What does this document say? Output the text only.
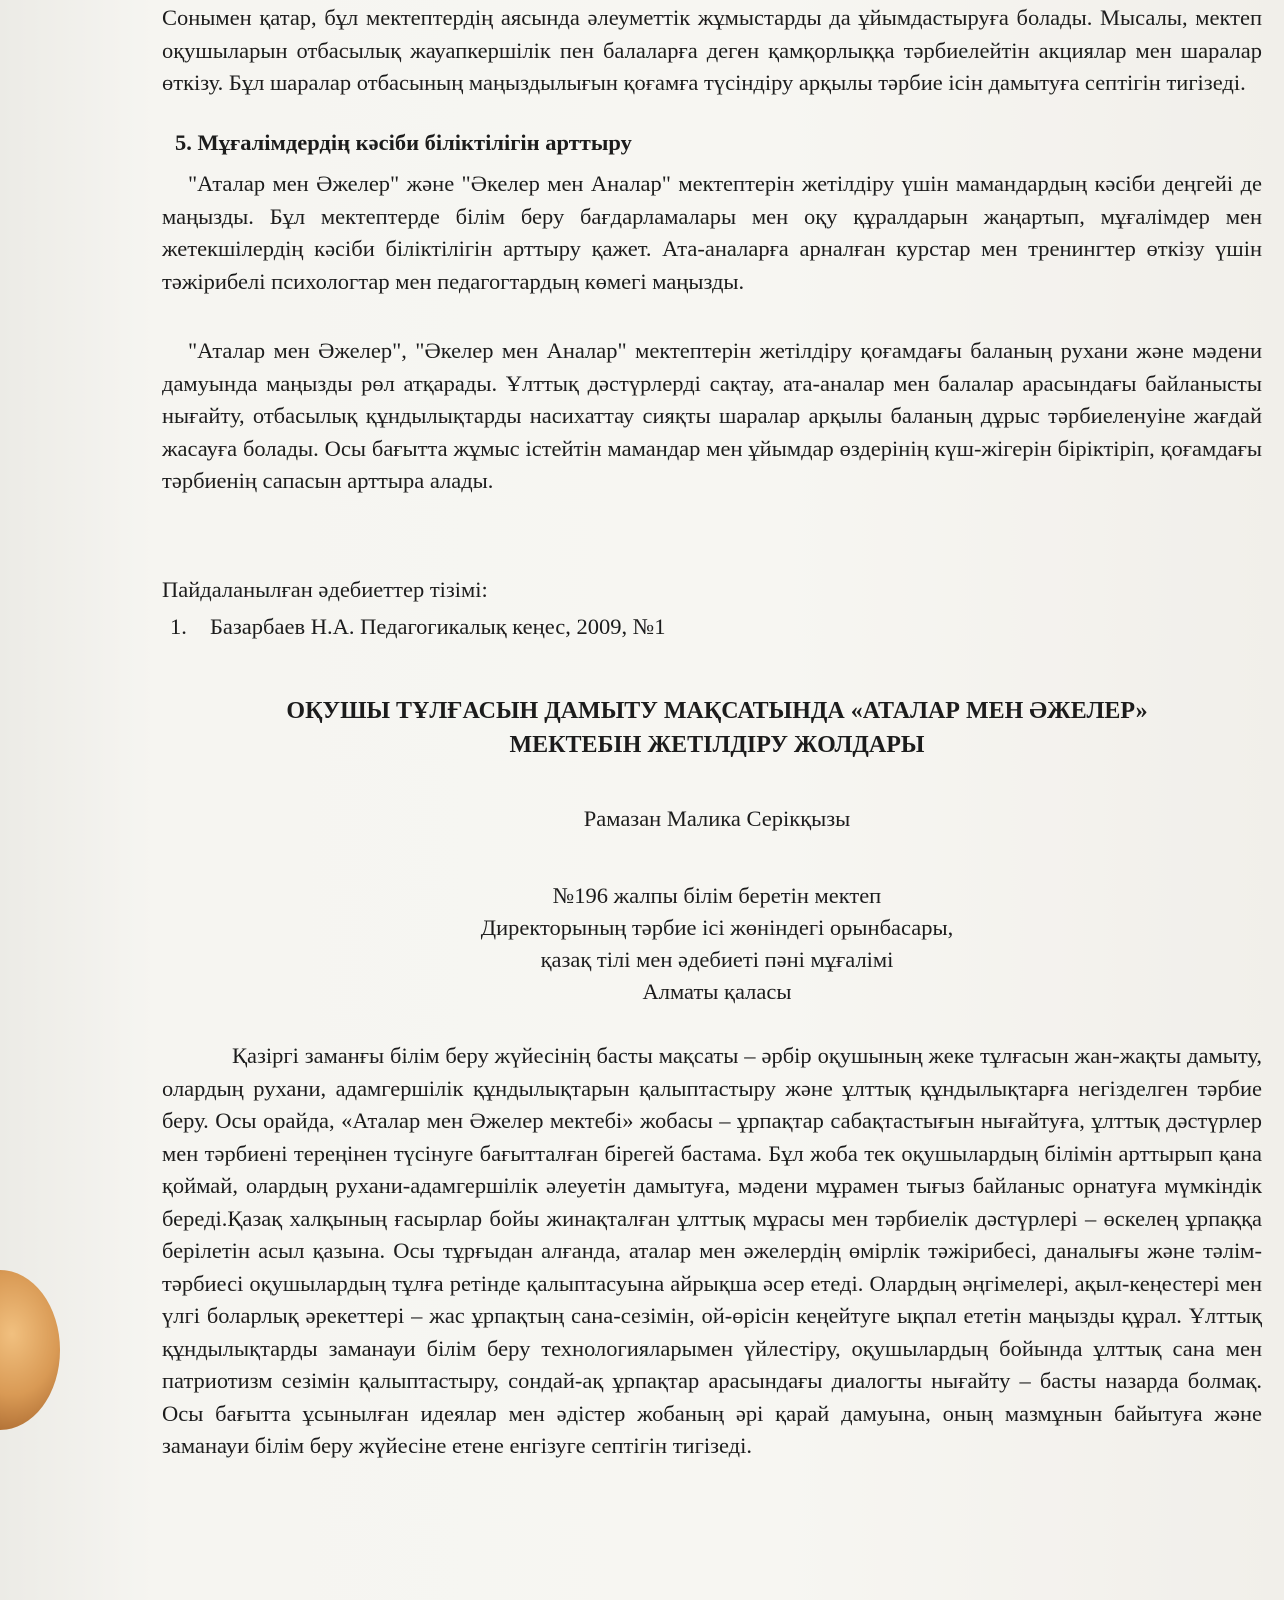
Сонымен қатар, бұл мектептердің аясында әлеуметтік жұмыстарды да ұйымдастыруға болады. Мысалы, мектеп оқушыларын отбасылық жауапкершілік пен балаларға деген қамқорлыққа тәрбиелейтін акциялар мен шаралар өткізу. Бұл шаралар отбасының маңыздылығын қоғамға түсіндіру арқылы тәрбие ісін дамытуға септігін тигізеді.

5. Мұғалімдердің кәсіби біліктілігін арттыру

"Аталар мен Әжелер" және "Әкелер мен Аналар" мектептерін жетілдіру үшін мамандардың кәсіби деңгейі де маңызды. Бұл мектептерде білім беру бағдарламалары мен оқу құралдарын жаңартып, мұғалімдер мен жетекшілердің кәсіби біліктілігін арттыру қажет. Ата-аналарға арналған курстар мен тренингтер өткізу үшін тәжірибелі психологтар мен педагогтардың көмегі маңызды.

"Аталар мен Әжелер", "Әкелер мен Аналар" мектептерін жетілдіру қоғамдағы баланың рухани және мәдени дамуында маңызды рөл атқарады. Ұлттық дәстүрлерді сақтау, ата-аналар мен балалар арасындағы байланысты нығайту, отбасылық құндылықтарды насихаттау сияқты шаралар арқылы баланың дұрыс тәрбиеленуіне жағдай жасауға болады. Осы бағытта жұмыс істейтін мамандар мен ұйымдар өздерінің күш-жігерін біріктіріп, қоғамдағы тәрбиенің сапасын арттыра алады.

Пайдаланылған әдебиеттер тізімі:
1. Базарбаев Н.А. Педагогикалық кеңес, 2009, №1
ОҚУШЫ ТҰЛҒАСЫН ДАМЫТУ МАҚСАТЫНДА «АТАЛАР МЕН ӘЖЕЛЕР»
МЕКТЕБІН ЖЕТІЛДІРУ ЖОЛДАРЫ
Рамазан Малика Серікқызы
№196 жалпы білім беретін мектеп
Директорының тәрбие ісі жөніндегі орынбасары,
қазақ тілі мен әдебиеті пәні мұғалімі
Алматы қаласы

Қазіргі заманғы білім беру жүйесінің басты мақсаты – әрбір оқушының жеке тұлғасын жан-жақты дамыту, олардың рухани, адамгершілік құндылықтарын қалыптастыру және ұлттық құндылықтарға негізделген тәрбие беру. Осы орайда, «Аталар мен Әжелер мектебі» жобасы – ұрпақтар сабақтастығын нығайтуға, ұлттық дәстүрлер мен тәрбиені тереңінен түсінуге бағытталған бірегей бастама. Бұл жоба тек оқушылардың білімін арттырып қана қоймай, олардың рухани-адамгершілік әлеуетін дамытуға, мәдени мұрамен тығыз байланыс орнатуға мүмкіндік береді.Қазақ халқының ғасырлар бойы жинақталған ұлттық мұрасы мен тәрбиелік дәстүрлері – өскелең ұрпаққа берілетін асыл қазына. Осы тұрғыдан алғанда, аталар мен әжелердің өмірлік тәжірибесі, даналығы және тәлім-тәрбиесі оқушылардың тұлға ретінде қалыптасуына айрықша әсер етеді. Олардың әңгімелері, ақыл-кеңестері мен үлгі боларлық әрекеттері – жас ұрпақтың сана-сезімін, ой-өрісін кеңейтуге ықпал ететін маңызды құрал. Ұлттық құндылықтарды заманауи білім беру технологияларымен үйлестіру, оқушылардың бойында ұлттық сана мен патриотизм сезімін қалыптастыру, сондай-ақ ұрпақтар арасындағы диалогты нығайту – басты назарда болмақ. Осы бағытта ұсынылған идеялар мен әдістер жобаның әрі қарай дамуына, оның мазмұнын байытуға және заманауи білім беру жүйесіне етене енгізуге септігін тигізеді.
